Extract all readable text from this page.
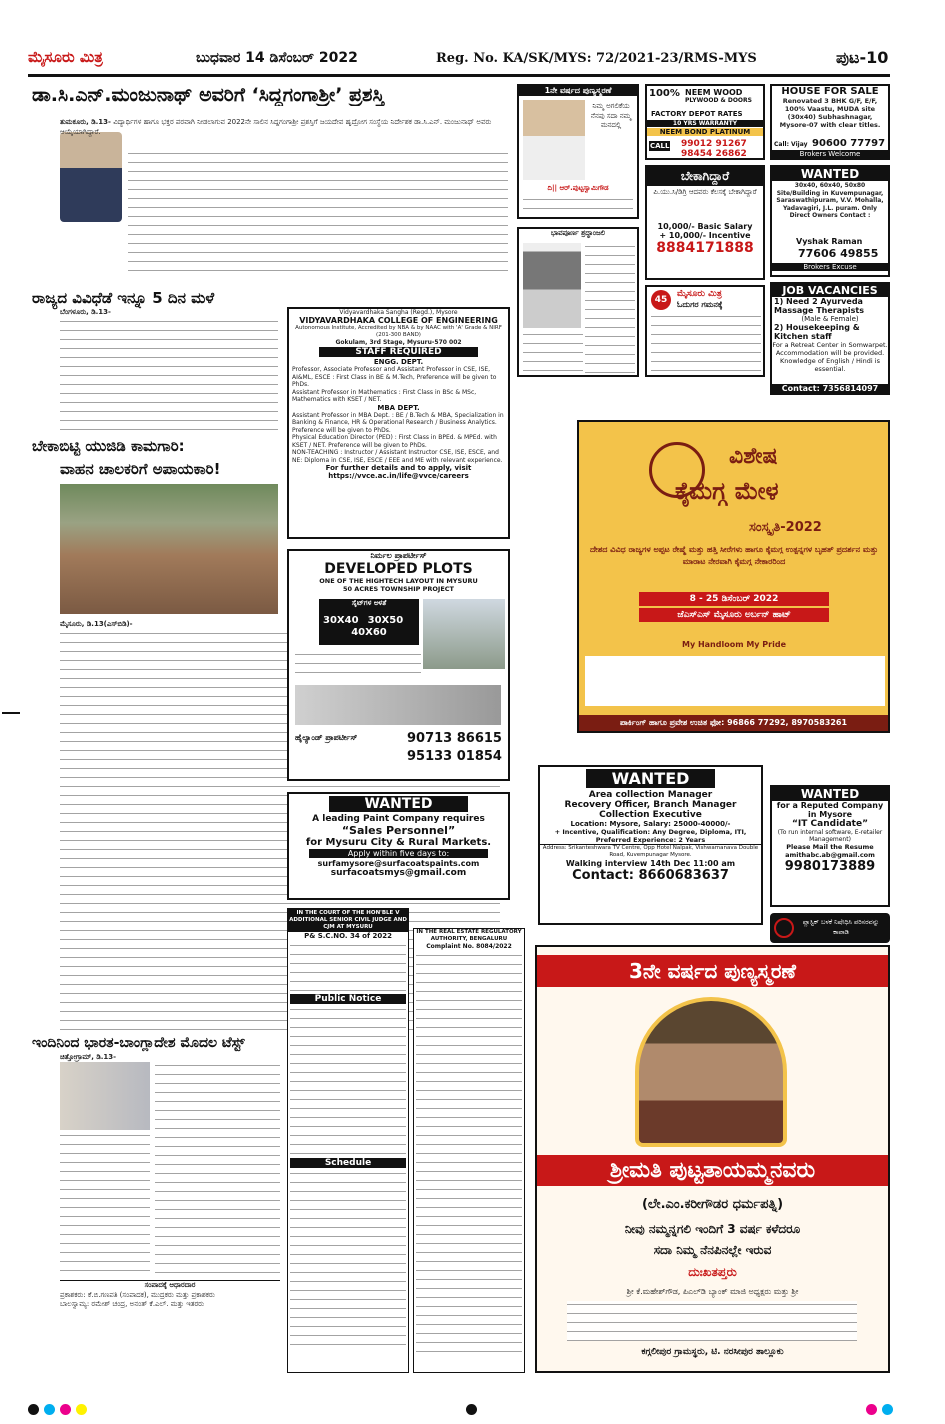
ಮೈಸೂರು ಮಿತ್ರ	ಬುಧವಾರ 14 ಡಿಸೆಂಬರ್ 2022	Reg. No. KA/SK/MYS: 72/2021-23/RMS-MYS	ಪುಟ-10
ಡಾ.ಸಿ.ಎನ್.ಮಂಜುನಾಥ್ ಅವರಿಗೆ ‘ಸಿದ್ದಗಂಗಾಶ್ರೀ’ ಪ್ರಶಸ್ತಿ
ತುಮಕೂರು, ಡಿ.13- ವಿದ್ಯಾರ್ಥಿಗಳ ಹಾಗೂ ಭಕ್ತರ ಪರವಾಗಿ ನೀಡಲಾಗುವ 2022ನೇ ಸಾಲಿನ ಸಿದ್ದಗಂಗಾಶ್ರೀ ಪ್ರಶಸ್ತಿಗೆ ಜಯದೇವ ಹೃದ್ರೋಗ ಸಂಸ್ಥೆಯ ನಿರ್ದೇಶಕ ಡಾ.ಸಿ.ಎನ್. ಮಂಜುನಾಥ್ ಅವರು ಆಯ್ಕೆಯಾಗಿದ್ದಾರೆ.
ರಾಜ್ಯದ ವಿವಿಧೆಡೆ ಇನ್ನೂ 5 ದಿನ ಮಳೆ
ಬೆಂಗಳೂರು, ಡಿ.13-
ಬೇಕಾಬಿಟ್ಟಿ ಯುಜಿಡಿ ಕಾಮಗಾರಿ:
ವಾಹನ ಚಾಲಕರಿಗೆ ಅಪಾಯಕಾರಿ!
ಮೈಸೂರು, ಡಿ.13(ಎಸ್‌ಬಿಡಿ)-
ಇಂದಿನಿಂದ ಭಾರತ-ಬಾಂಗ್ಲಾದೇಶ ಮೊದಲ ಟೆಸ್ಟ್
ಚಿತ್ತೋಗ್ರಾಮ್, ಡಿ.13-
ಸಂಪಾದಕ್ಕೆ ಆಧಾರದಾರ
ಪ್ರಕಾಶಕರು: ಕೆ.ಬಿ.ಗಣಪತಿ (ಸಂಪಾದಕ), ಮುದ್ರಕರು ಮತ್ತು ಪ್ರಕಾಶಕರು
ಬಾಲಸ್ವಾಮ್ಯ: ರಮೇಶ್ ಚಂದ್ರ, ಅನಂತ್ ಕೆ.ಎಲ್. ಮತ್ತು ಇತರರು
1ನೇ ವರ್ಷದ ಪುಣ್ಯಸ್ಮರಣೆ
ನಿಮ್ಮ ಅಗಲಿಕೆಯ ನೆನಪು ಸದಾ ನಮ್ಮ ಮನದಲ್ಲಿ
ದಿ|| ಆರ್.ಪುಟ್ಟಸ್ವಾಮಿಗೌಡ
100% NEEM WOOD
PLYWOOD & DOORS
FACTORY DEPOT RATES
10 YRS WARRANTY
NEEM BOND PLATINUM
CALL 99012 91267
98454 26862
HOUSE FOR SALE
Renovated 3 BHK G/F, E/F, 100% Vaastu, MUDA site (30x40) Subhashnagar, Mysore-07 with clear titles.
Call: Vijay 90600 77797
Brokers Welcome
ಬೇಕಾಗಿದ್ದಾರೆ
ಪಿ.ಯು.ಸಿ/ಡಿಗ್ರಿ ಆದವರು ಕೆಲಸಕ್ಕೆ ಬೇಕಾಗಿದ್ದಾರೆ
10,000/- Basic Salary
+ 10,000/- Incentive
8884171888
WANTED
30x40, 60x40, 50x80 Site/Building in Kuvempunagar, Saraswathipuram, V.V. Mohalla, Yadavagiri, J.L. puram. Only Direct Owners Contact :
Vyshak Raman
77606 49855
Brokers Excuse
ಭಾವಪೂರ್ಣ ಶ್ರದ್ಧಾಂಜಲಿ
45
ಮೈಸೂರು ಮಿತ್ರ
ಓದುಗರ ಗಮನಕ್ಕೆ
JOB VACANCIES
1) Need 2 Ayurveda Massage Therapists
(Male & Female)
2) Housekeeping & Kitchen staff
For a Retreat Center in Somwarpet. Accommodation will be provided. Knowledge of English / Hindi is essential.
Contact: 7356814097
Vidyavardhaka Sangha (Regd.), Mysore
VIDYAVARDHAKA COLLEGE OF ENGINEERING
Autonomous Institute, Accredited by NBA & by NAAC with 'A' Grade & NIRF (201-300 BAND)
Gokulam, 3rd Stage, Mysuru-570 002
STAFF REQUIRED
ENGG. DEPT.
Professor, Associate Professor and Assistant Professor in CSE, ISE, AI&ML, ESCE : First Class in BE & M.Tech, Preference will be given to PhDs.
Assistant Professor in Mathematics : First Class in BSc & MSc, Mathematics with KSET / NET.
MBA DEPT.
Assistant Professor in MBA Dept. : BE / B.Tech & MBA, Specialization in Banking & Finance, HR & Operational Research / Business Analytics. Preference will be given to PhDs.
Physical Education Director (PED) : First Class in BPEd. & MPEd. with KSET / NET. Preference will be given to PhDs.
NON-TEACHING : Instructor / Assistant Instructor CSE, ISE, ESCE, and NE: Diploma in CSE, ISE, ESCE / EEE and ME with relevant experience.
For further details and to apply, visit
https://vvce.ac.in/life@vvce/careers
ವಿಶೇಷ
ಕೈಮಗ್ಗ ಮೇಳ
ಸಂಸ್ಕೃತಿ-2022
ದೇಶದ ವಿವಿಧ ರಾಜ್ಯಗಳ ಅಪ್ಪಟ ರೇಷ್ಮೆ ಮತ್ತು ಹತ್ತಿ ಸೀರೆಗಳು ಹಾಗೂ ಕೈಮಗ್ಗ ಉತ್ಪನ್ನಗಳ ಬೃಹತ್ ಪ್ರದರ್ಶನ ಮತ್ತು ಮಾರಾಟ ನೇರವಾಗಿ ಕೈಮಗ್ಗ ನೇಕಾರರಿಂದ
8 - 25 ಡಿಸೆಂಬರ್ 2022
ಜೆಎಸ್‌ಎಸ್ ಮೈಸೂರು ಅರ್ಬನ್ ಹಾಟ್
My Handloom My Pride
ಪಾರ್ಕಿಂಗ್ ಹಾಗೂ ಪ್ರವೇಶ ಉಚಿತ ಫೋ: 96866 77292, 8970583261
ನಿರ್ಮಲ ಪ್ರಾಪರ್ಟೀಸ್
DEVELOPED PLOTS
ONE OF THE HIGHTECH LAYOUT IN MYSURU
50 ACRES TOWNSHIP PROJECT
ಸೈಟ್‌ಗಳ ಅಳತೆ
30X40 30X50
40X60
ಹೈಲ್ಯಾಂಡ್ ಪ್ರಾಪರ್ಟೀಸ್	90713 86615
95133 01854
WANTED
A leading Paint Company requires
“Sales Personnel”
for Mysuru City & Rural Markets.
Apply within five days to:
surfamysore@surfacoatspaints.com
surfacoatsmys@gmail.com
WANTED
Area collection Manager
Recovery Officer, Branch Manager
Collection Executive
Location: Mysore, Salary: 25000-40000/-
+ Incentive, Qualification: Any Degree, Diploma, ITI, Preferred Experience: 2 Years
Address: Srikanteshwara TV Centre, Opp Hotel Nalpak, Vishwamanava Double Road, Kuvempunagar Mysore.
Walking interview 14th Dec 11:00 am
Contact: 8660683637
WANTED
for a Reputed Company in Mysore
“IT Candidate”
(To run internal software, E-retailer Management)
Please Mail the Resume
amithabc.ab@gmail.com
9980173889
ಪ್ಲಾಸ್ಟಿಕ್ ಬಳಕೆ ನಿಷೇಧಿಸಿ ಪರಿಸರವನ್ನು ಕಾಪಾಡಿ
IN THE COURT OF THE HON'BLE V ADDITIONAL SENIOR CIVIL JUDGE AND CJM AT MYSURU
P& S.C.NO. 34 of 2022
Public Notice
Schedule
IN THE REAL ESTATE REGULATORY AUTHORITY, BENGALURU
Complaint No. 8084/2022
3ನೇ ವರ್ಷದ ಪುಣ್ಯಸ್ಮರಣೆ
ಶ್ರೀಮತಿ ಪುಟ್ಟತಾಯಮ್ಮನವರು
(ಲೇ.ಎಂ.ಕರೀಗೌಡರ ಧರ್ಮಪತ್ನಿ)
ನೀವು ನಮ್ಮನ್ನಗಲಿ ಇಂದಿಗೆ 3 ವರ್ಷ ಕಳೆದರೂ
ಸದಾ ನಿಮ್ಮ ನೆನಪಿನಲ್ಲೇ ಇರುವ
ದುಃಖತಪ್ತರು
ಶ್ರೀ ಕೆ.ಮಹೇಶ್‌ಗೌಡ, ಪಿಎಲ್‌ಡಿ ಬ್ಯಾಂಕ್ ಮಾಜಿ ಅಧ್ಯಕ್ಷರು ಮತ್ತು ಶ್ರೀ
ಕಗ್ಗಲೀಪುರ ಗ್ರಾಮಸ್ಥರು, ಟಿ. ನರಸೀಪುರ ತಾಲ್ಲೂಕು
